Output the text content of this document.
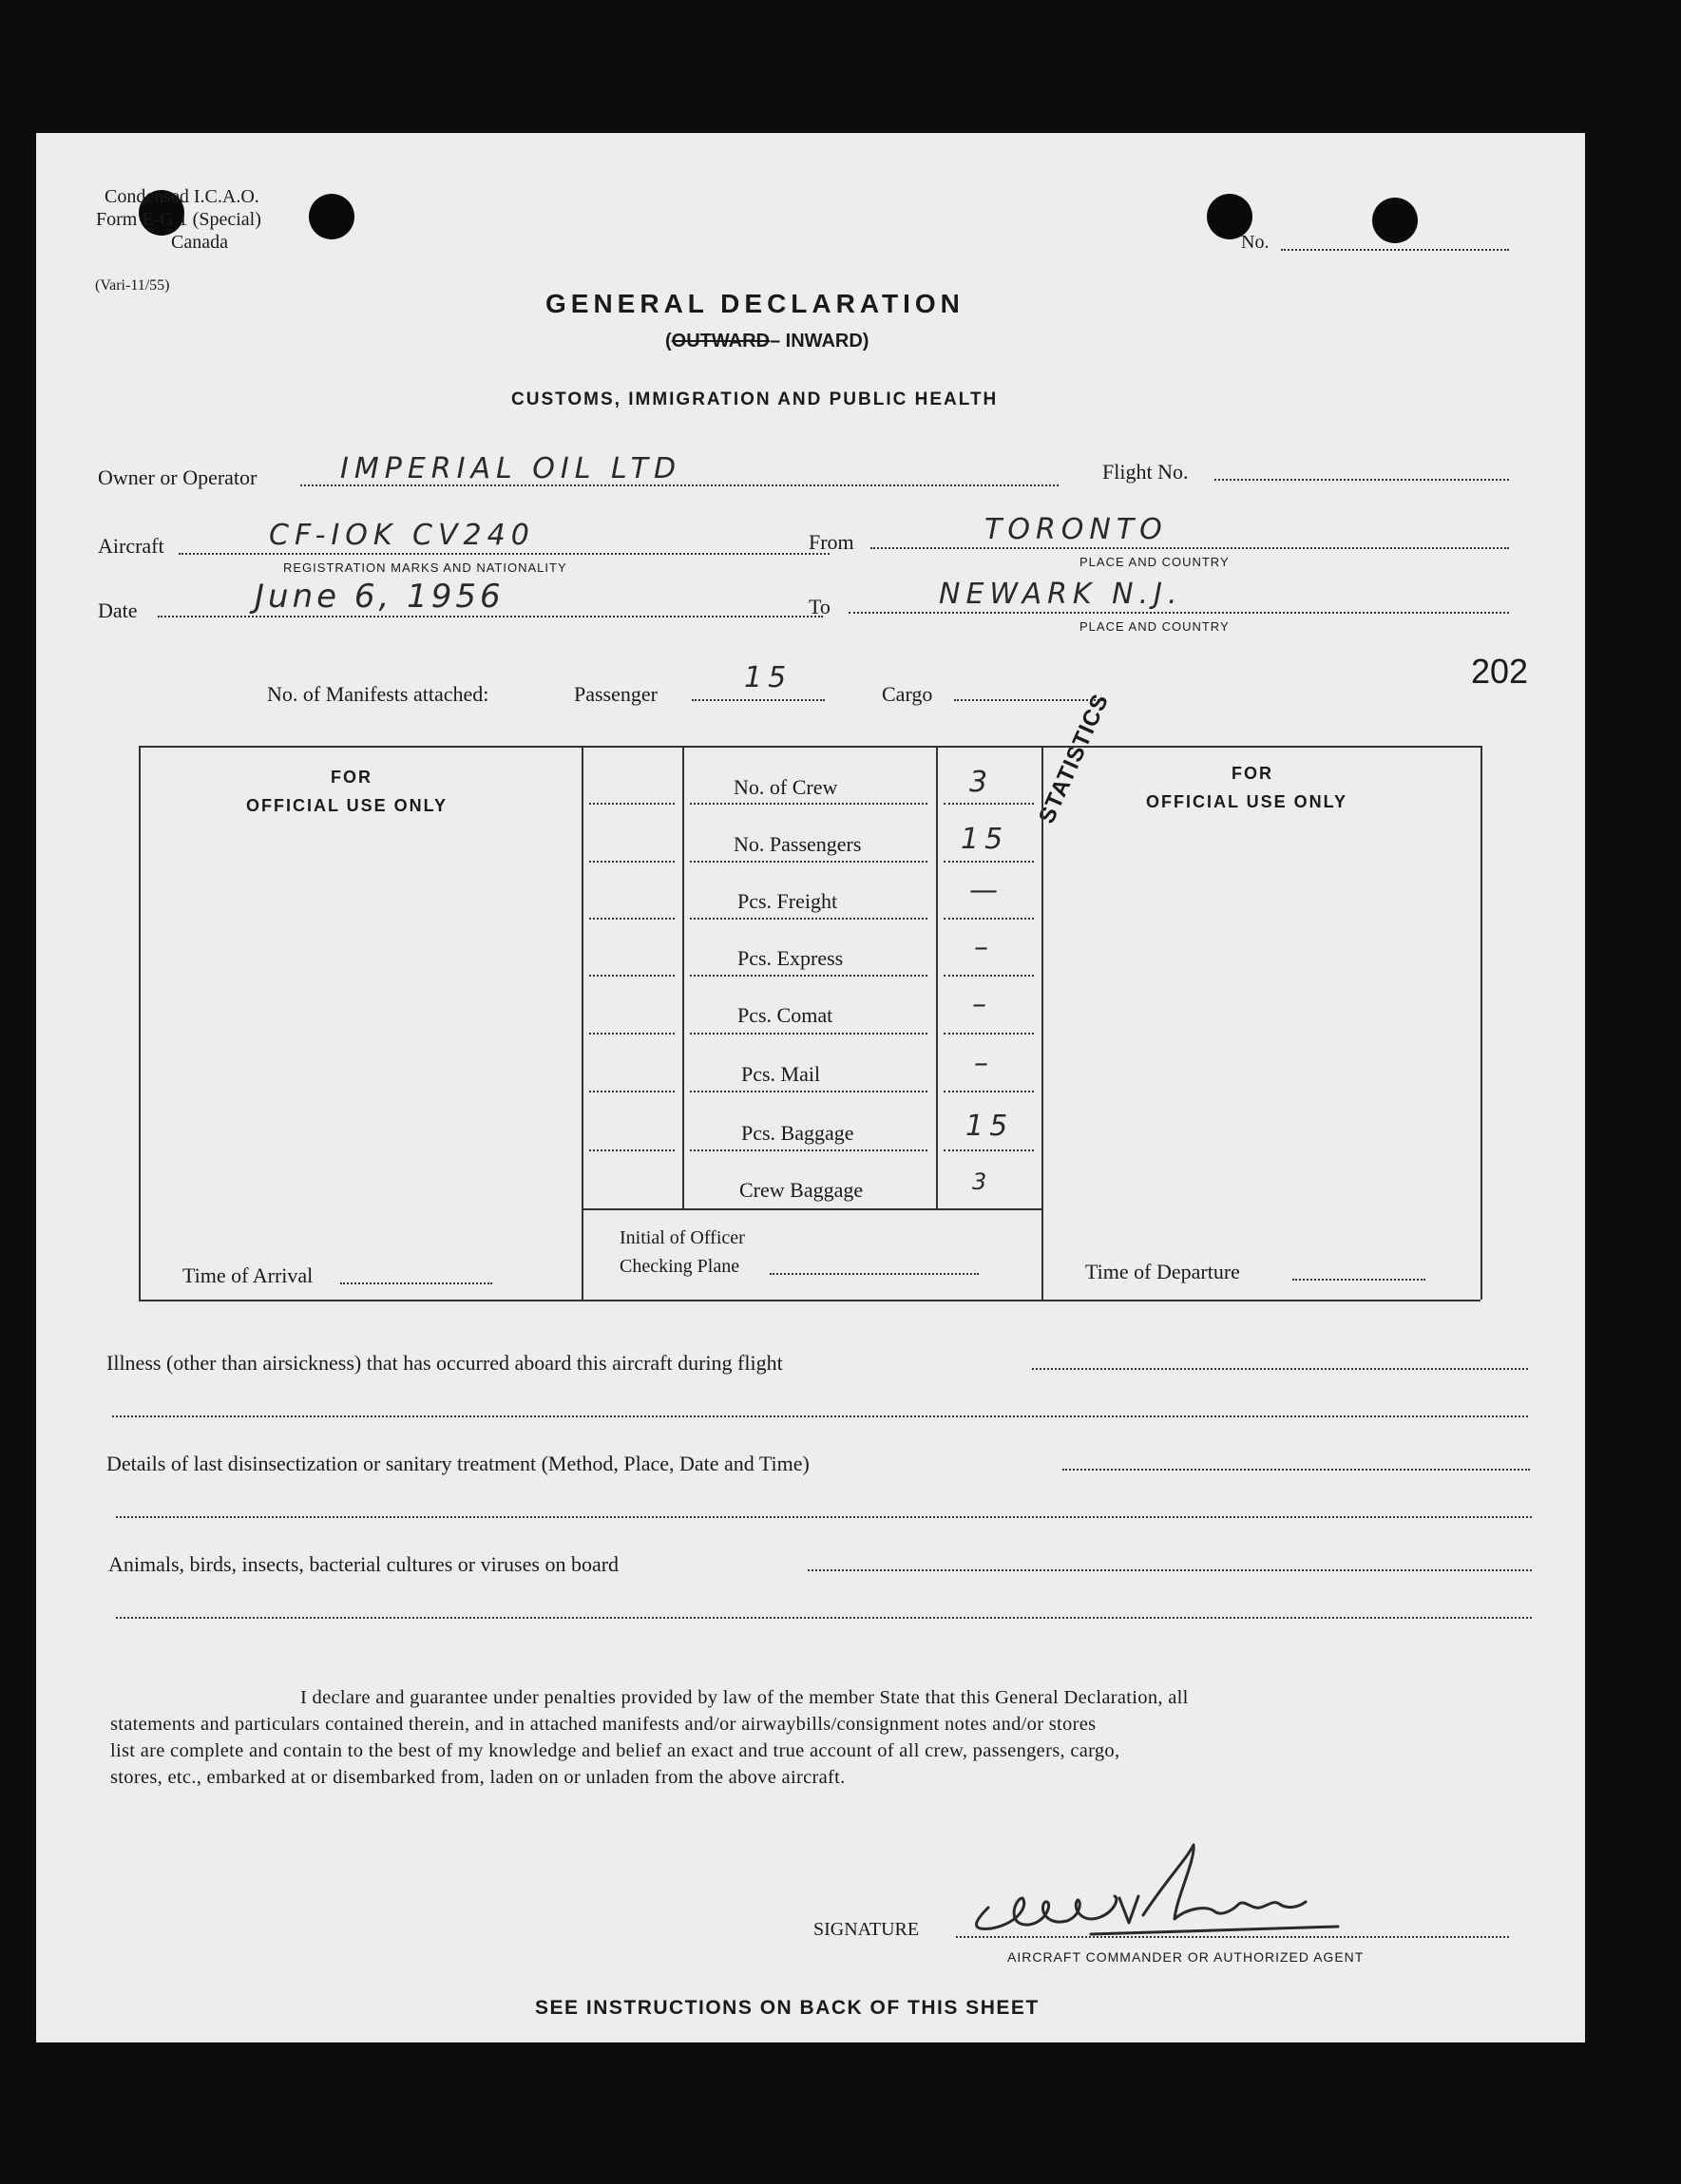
Condensed I.C.A.O.
Form E-G 1 (Special)
Canada
(Vari-11/55)
No.
GENERAL DECLARATION
(OUTWARD– INWARD)
CUSTOMS, IMMIGRATION AND PUBLIC HEALTH
Owner or Operator	IMPERIAL OIL LTD	Flight No.
Aircraft	CF-IOK CV240
REGISTRATION MARKS AND NATIONALITY
From	TORONTO
PLACE AND COUNTRY
Date	June 6, 1956	To	NEWARK N.J.
PLACE AND COUNTRY
202
No. of Manifests attached:	Passenger	15	Cargo	STATISTICS
FOR
OFFICIAL USE ONLY
FOR
OFFICIAL USE ONLY
No. of Crew	3
No. Passengers	15
Pcs. Freight	—
Pcs. Express	–
Pcs. Comat	–
Pcs. Mail	–
Pcs. Baggage	15
Crew Baggage	3
Time of Arrival
Initial of Officer
Checking Plane	Time of Departure
Illness (other than airsickness) that has occurred aboard this aircraft during flight
Details of last disinsectization or sanitary treatment (Method, Place, Date and Time)
Animals, birds, insects, bacterial cultures or viruses on board
I declare and guarantee under penalties provided by law of the member State that this General Declaration, all
statements and particulars contained therein, and in attached manifests and/or airwaybills/consignment notes and/or stores
list are complete and contain to the best of my knowledge and belief an exact and true account of all crew, passengers, cargo,
stores, etc., embarked at or disembarked from, laden on or unladen from the above aircraft.
SIGNATURE
AIRCRAFT COMMANDER OR AUTHORIZED AGENT
SEE INSTRUCTIONS ON BACK OF THIS SHEET
